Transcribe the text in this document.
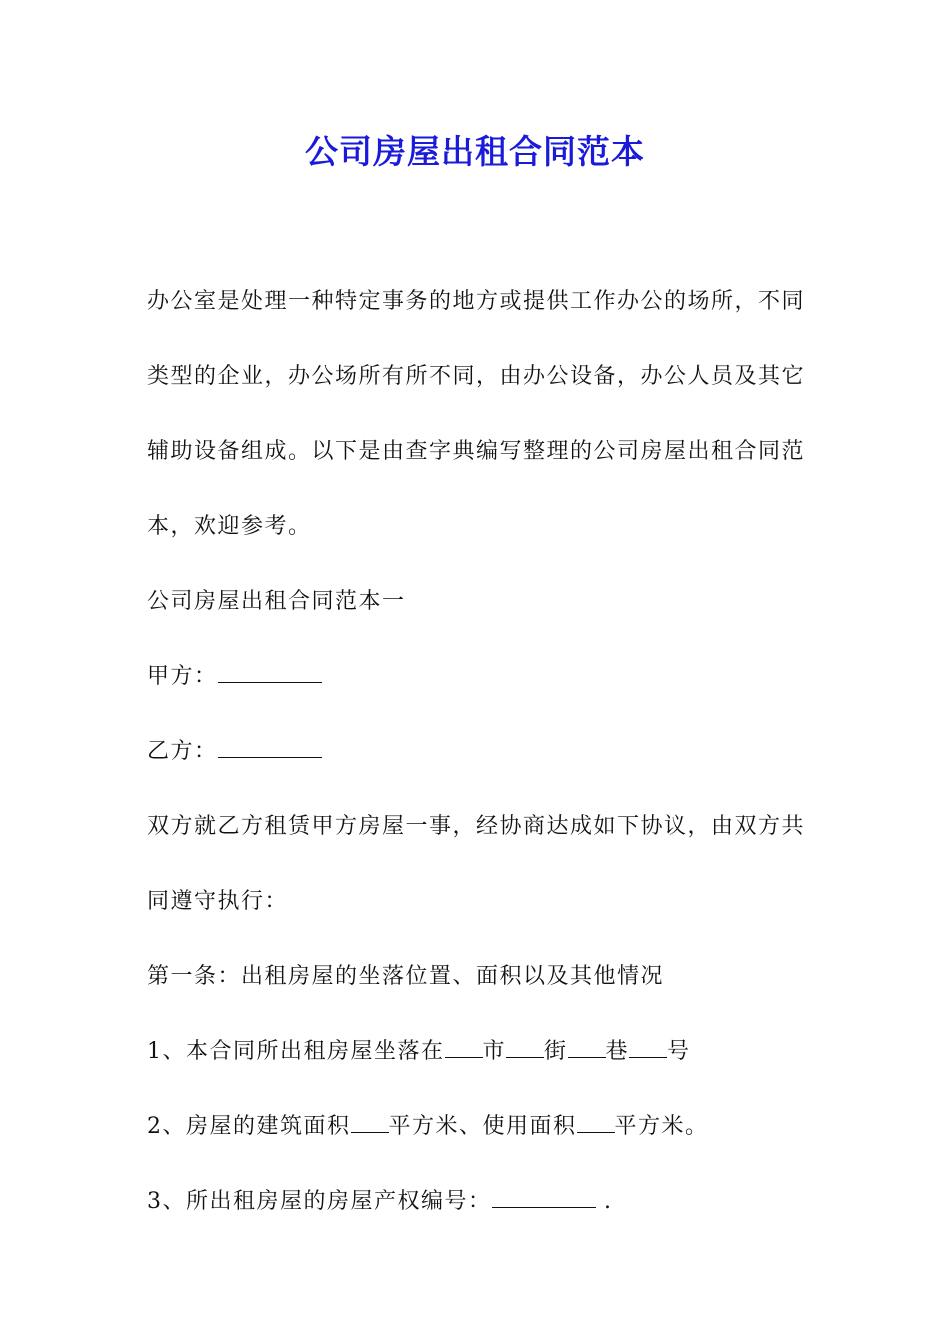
公司房屋出租合同范本

办公室是处理一种特定事务的地方或提供工作办公的场所，不同类型的企业，办公场所有所不同，由办公设备，办公人员及其它辅助设备组成。以下是由查字典编写整理的公司房屋出租合同范本，欢迎参考。

公司房屋出租合同范本一

甲方：

乙方：

双方就乙方租赁甲方房屋一事，经协商达成如下协议，由双方共同遵守执行：

第一条：出租房屋的坐落位置、面积以及其他情况

1、本合同所出租房屋坐落在 市 街 巷 号

2、房屋的建筑面积 平方米、使用面积 平方米。

3、所出租房屋的房屋产权编号：	.
